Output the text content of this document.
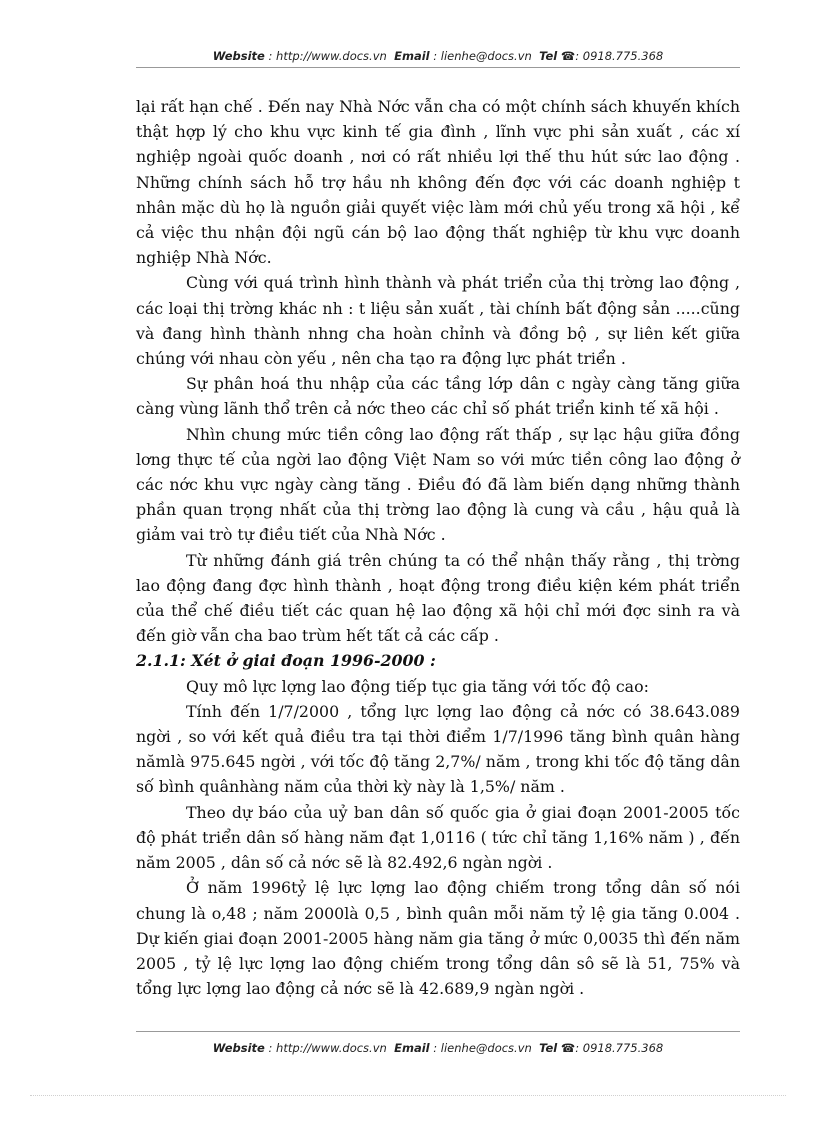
Website : http://www.docs.vn Email : lienhe@docs.vn Tel ☎: 0918.775.368

lại rất hạn chế . Đến nay Nhà Nớc vẫn cha có một chính sách khuyến khích thật hợp lý cho khu vực kinh tế gia đình , lĩnh vực phi sản xuất , các xí nghiệp ngoài quốc doanh , nơi có rất nhiều lợi thế thu hút sức lao động . Những chính sách hỗ trợ hầu nh không đến đợc với các doanh nghiệp t nhân mặc dù họ là nguồn giải quyết việc làm mới chủ yếu trong xã hội , kể cả việc thu nhận đội ngũ cán bộ lao động thất nghiệp từ khu vực doanh nghiệp Nhà Nớc.

Cùng với quá trình hình thành và phát triển của thị trờng lao động , các loại thị trờng khác nh : t liệu sản xuất , tài chính bất động sản .....cũng và đang hình thành nhng cha hoàn chỉnh và đồng bộ , sự liên kết giữa chúng với nhau còn yếu , nên cha tạo ra động lực phát triển .

Sự phân hoá thu nhập của các tầng lớp dân c ngày càng tăng giữa càng vùng lãnh thổ trên cả nớc theo các chỉ số phát triển kinh tế xã hội .

Nhìn chung mức tiền công lao động rất thấp , sự lạc hậu giữa đồng lơng thực tế của ngời lao động Việt Nam so với mức tiền công lao động ở các nớc khu vực ngày càng tăng . Điều đó đã làm biến dạng những thành phần quan trọng nhất của thị trờng lao động là cung và cầu , hậu quả là giảm vai trò tự điều tiết của Nhà Nớc .

Từ những đánh giá trên chúng ta có thể nhận thấy rằng , thị trờng lao động đang đợc hình thành , hoạt động trong điều kiện kém phát triển của thể chế điều tiết các quan hệ lao động xã hội chỉ mới đợc sinh ra và đến giờ vẫn cha bao trùm hết tất cả các cấp .

2.1.1: Xét ở giai đoạn 1996-2000 :

Quy mô lực lợng lao động tiếp tục gia tăng với tốc độ cao:

Tính đến 1/7/2000 , tổng lực lợng lao động cả nớc có 38.643.089 ngời , so với kết quả điều tra tại thời điểm 1/7/1996 tăng bình quân hàng nămlà 975.645 ngời , với tốc độ tăng 2,7%/ năm , trong khi tốc độ tăng dân số bình quânhàng năm của thời kỳ này là 1,5%/ năm .

Theo dự báo của uỷ ban dân số quốc gia ở giai đoạn 2001-2005 tốc độ phát triển dân số hàng năm đạt 1,0116 ( tức chỉ tăng 1,16% năm ) , đến năm 2005 , dân số cả nớc sẽ là 82.492,6 ngàn ngời .

Ở năm 1996tỷ lệ lực lợng lao động chiếm trong tổng dân số nói chung là o,48 ; năm 2000là 0,5 , bình quân mỗi năm tỷ lệ gia tăng 0.004 . Dự kiến giai đoạn 2001-2005 hàng năm gia tăng ở mức 0,0035 thì đến năm 2005 , tỷ lệ lực lợng lao động chiếm trong tổng dân sô sẽ là 51, 75% và tổng lực lợng lao động cả nớc sẽ là 42.689,9 ngàn ngời .

Website : http://www.docs.vn Email : lienhe@docs.vn Tel ☎: 0918.775.368
